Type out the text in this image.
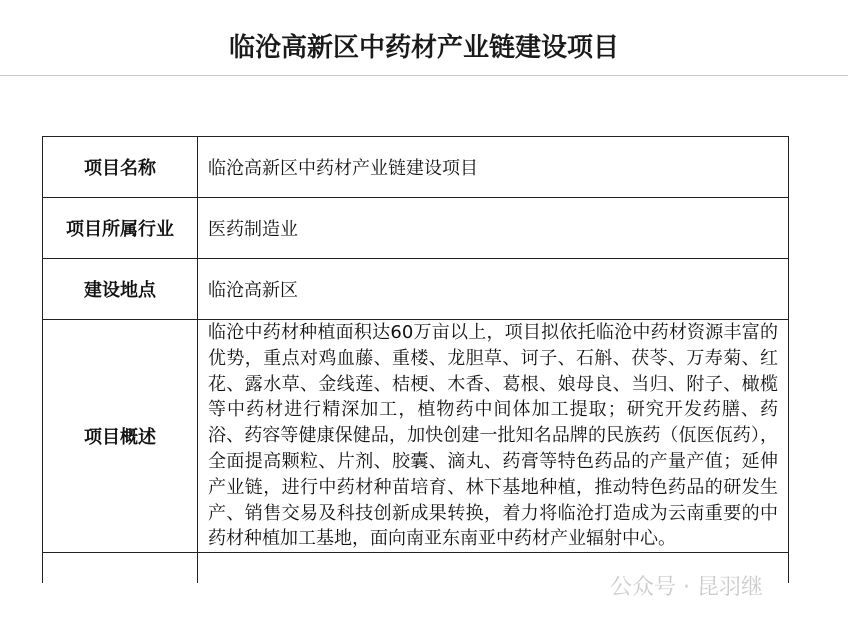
临沧高新区中药材产业链建设项目
项目名称	临沧高新区中药材产业链建设项目
项目所属行业	医药制造业
建设地点	临沧高新区
项目概述	临沧中药材种植面积达60万亩以上，项目拟依托临沧中药材资源丰富的优势，重点对鸡血藤、重楼、龙胆草、诃子、石斛、茯苓、万寿菊、红花、露水草、金线莲、桔梗、木香、葛根、娘母良、当归、附子、橄榄等中药材进行精深加工，植物药中间体加工提取；研究开发药膳、药浴、药容等健康保健品，加快创建一批知名品牌的民族药（佤医佤药），全面提高颗粒、片剂、胶囊、滴丸、药膏等特色药品的产量产值；延伸产业链，进行中药材种苗培育、林下基地种植，推动特色药品的研发生产、销售交易及科技创新成果转换，着力将临沧打造成为云南重要的中药材种植加工基地，面向南亚东南亚中药材产业辐射中心。

公众号 · 昆羽继
